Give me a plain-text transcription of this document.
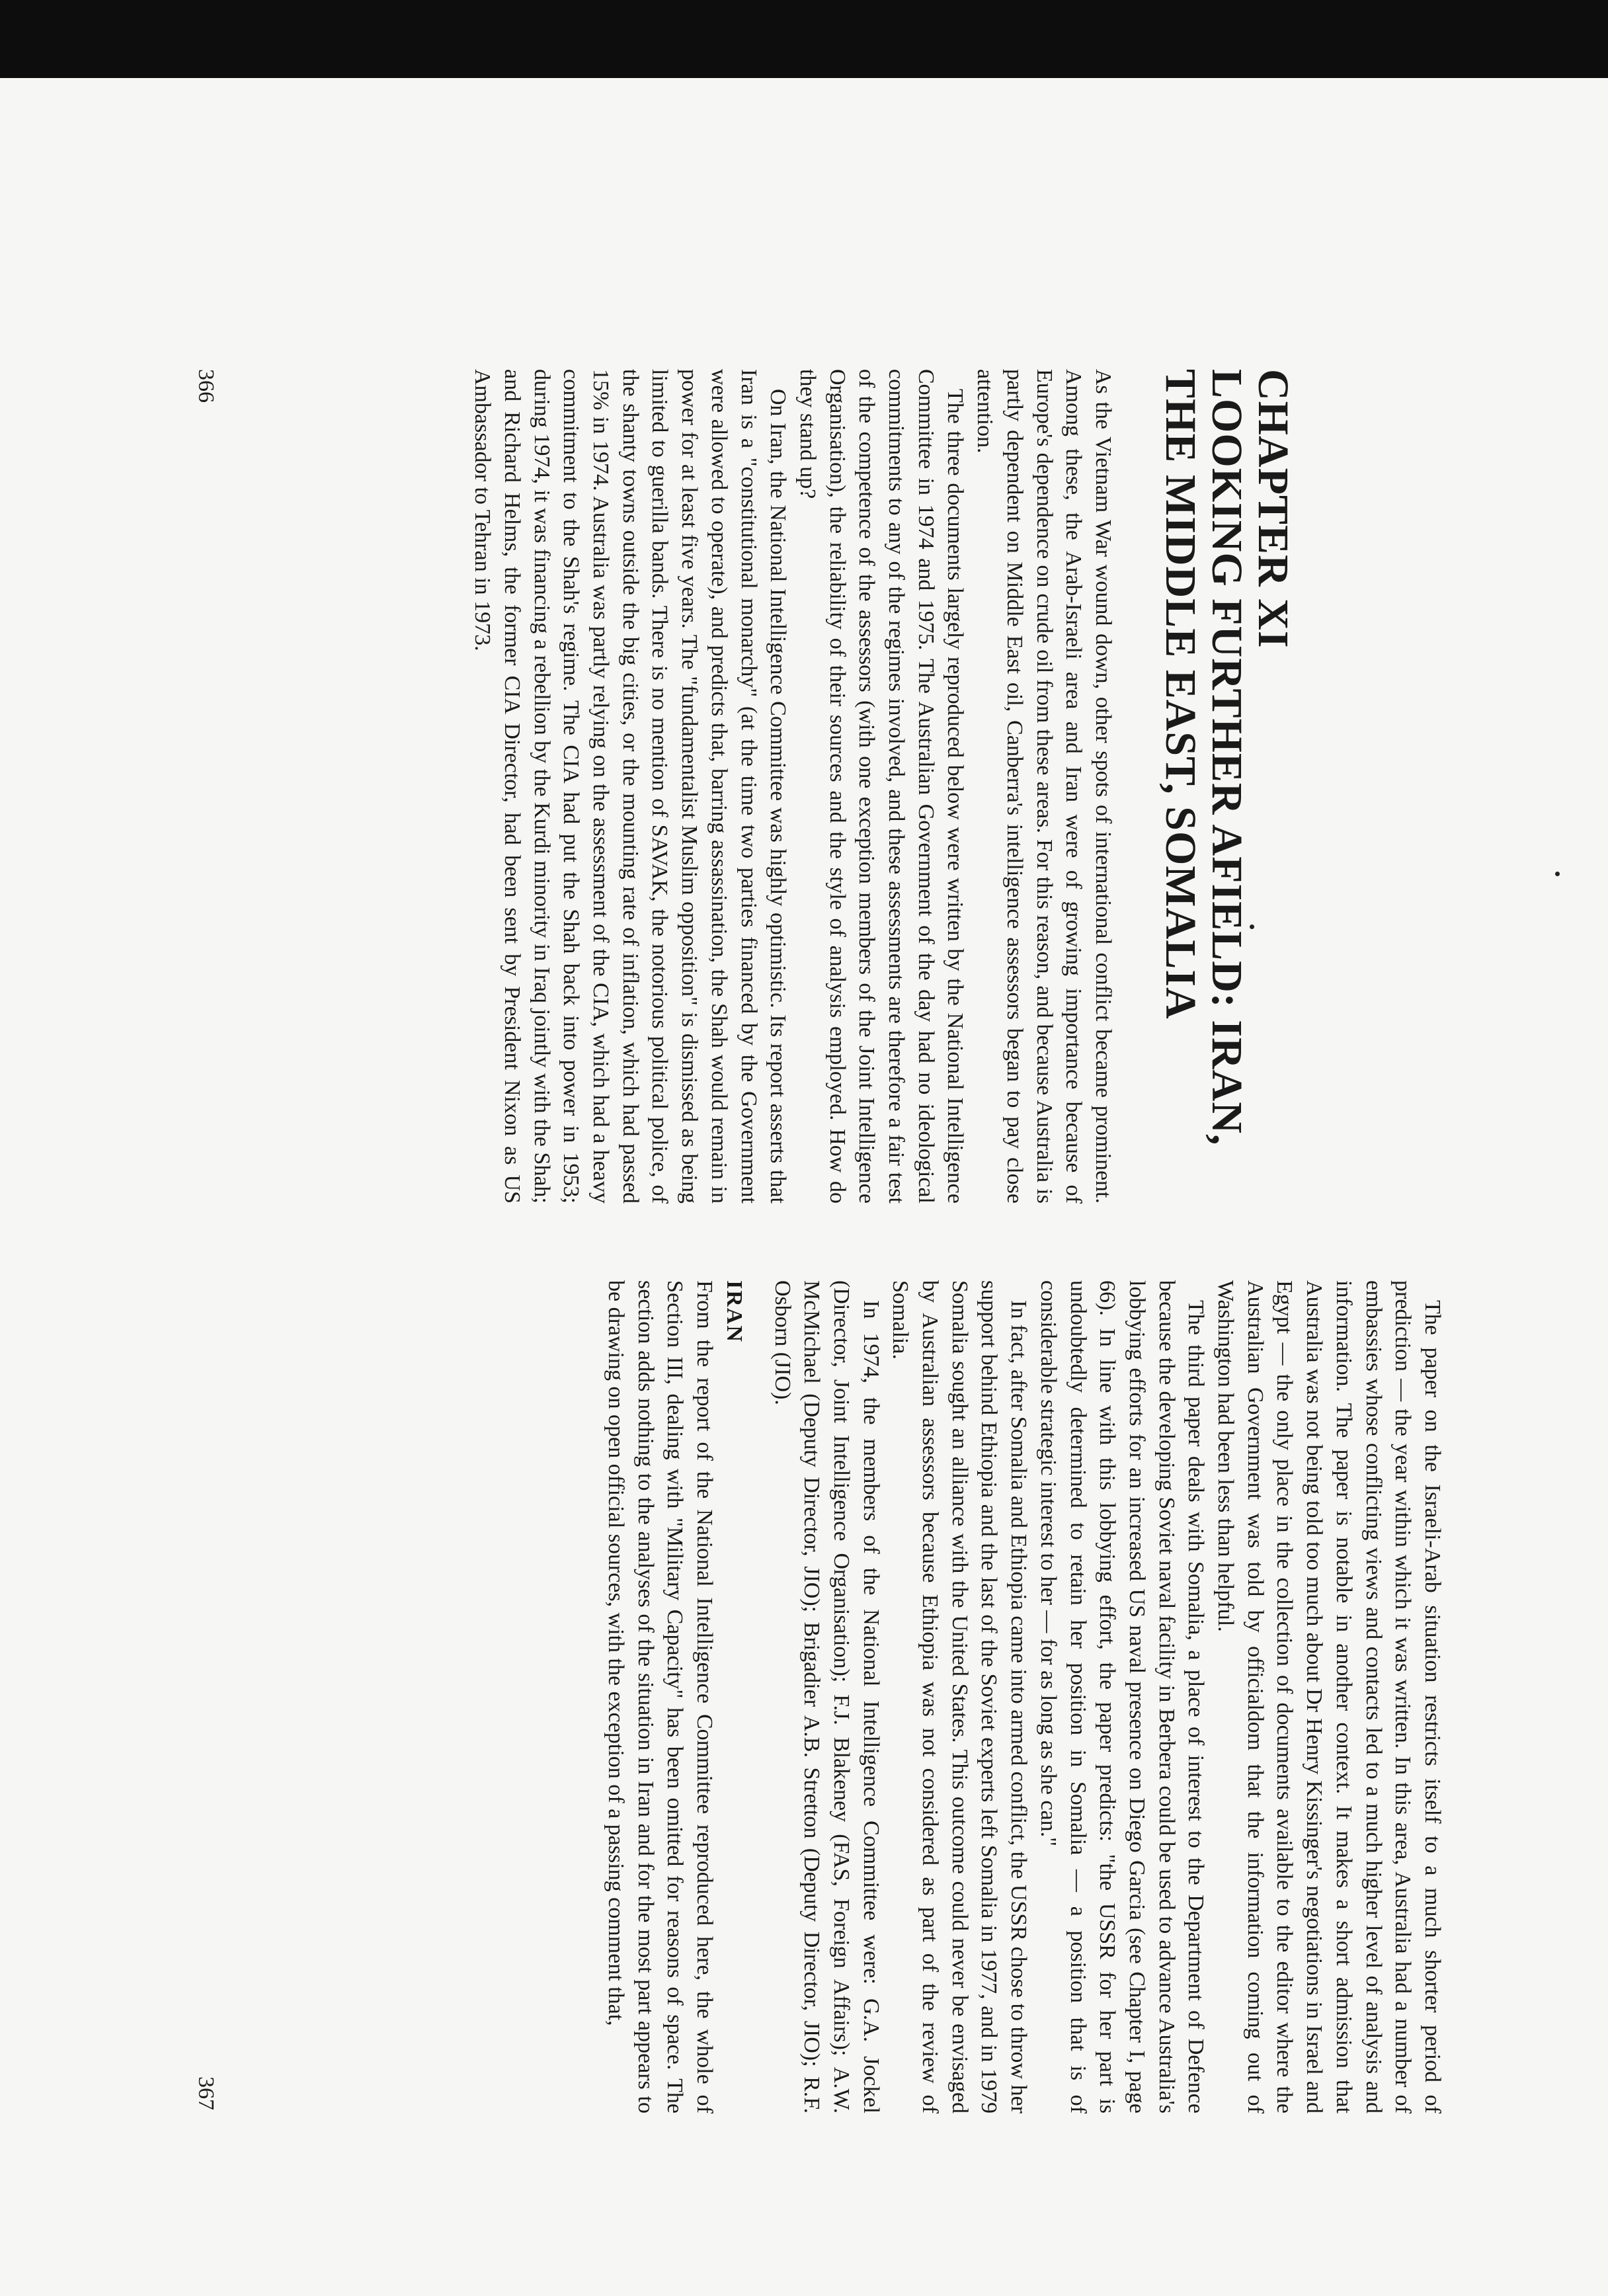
CHAPTER XI
LOOKING FURTHER AFIELD: IRAN, THE MIDDLE EAST, SOMALIA

As the Vietnam War wound down, other spots of international conflict became prominent. Among these, the Arab-Israeli area and Iran were of growing importance because of Europe's dependence on crude oil from these areas. For this reason, and because Australia is partly dependent on Middle East oil, Canberra's intelligence assessors began to pay close attention.

The three documents largely reproduced below were written by the National Intelligence Committee in 1974 and 1975. The Australian Government of the day had no ideological commitments to any of the regimes involved, and these assessments are therefore a fair test of the competence of the assessors (with one exception members of the Joint Intelligence Organisation), the reliability of their sources and the style of analysis employed. How do they stand up?

On Iran, the National Intelligence Committee was highly optimistic. Its report asserts that Iran is a "constitutional monarchy" (at the time two parties financed by the Government were allowed to operate), and predicts that, barring assassination, the Shah would remain in power for at least five years. The "fundamentalist Muslim opposition" is dismissed as being limited to guerilla bands. There is no mention of SAVAK, the notorious political police, of the shanty towns outside the big cities, or the mounting rate of inflation, which had passed 15% in 1974. Australia was partly relying on the assessment of the CIA, which had a heavy commitment to the Shah's regime. The CIA had put the Shah back into power in 1953; during 1974, it was financing a rebellion by the Kurdi minority in Iraq jointly with the Shah; and Richard Helms, the former CIA Director, had been sent by President Nixon as US Ambassador to Tehran in 1973.

366

The paper on the Israeli-Arab situation restricts itself to a much shorter period of prediction — the year within which it was written. In this area, Australia had a number of embassies whose conflicting views and contacts led to a much higher level of analysis and information. The paper is notable in another context. It makes a short admission that Australia was not being told too much about Dr Henry Kissinger's negotiations in Israel and Egypt — the only place in the collection of documents available to the editor where the Australian Government was told by officialdom that the information coming out of Washington had been less than helpful.

The third paper deals with Somalia, a place of interest to the Department of Defence because the developing Soviet naval facility in Berbera could be used to advance Australia's lobbying efforts for an increased US naval presence on Diego Garcia (see Chapter I, page 66). In line with this lobbying effort, the paper predicts: "the USSR for her part is undoubtedly determined to retain her position in Somalia — a position that is of considerable strategic interest to her — for as long as she can."

In fact, after Somalia and Ethiopia came into armed conflict, the USSR chose to throw her support behind Ethiopia and the last of the Soviet experts left Somalia in 1977, and in 1979 Somalia sought an alliance with the United States. This outcome could never be envisaged by Australian assessors because Ethiopia was not considered as part of the review of Somalia.

In 1974, the members of the National Intelligence Committee were: G.A. Jockel (Director, Joint Intelligence Organisation); F.J. Blakeney (FAS, Foreign Affairs); A.W. McMichael (Deputy Director, JIO); Brigadier A.B. Stretton (Deputy Director, JIO); R.F. Osborn (JIO).

IRAN

From the report of the National Intelligence Committee reproduced here, the whole of Section III, dealing with "Military Capacity" has been omitted for reasons of space. The section adds nothing to the analyses of the situation in Iran and for the most part appears to be drawing on open official sources, with the exception of a passing comment that,

367
